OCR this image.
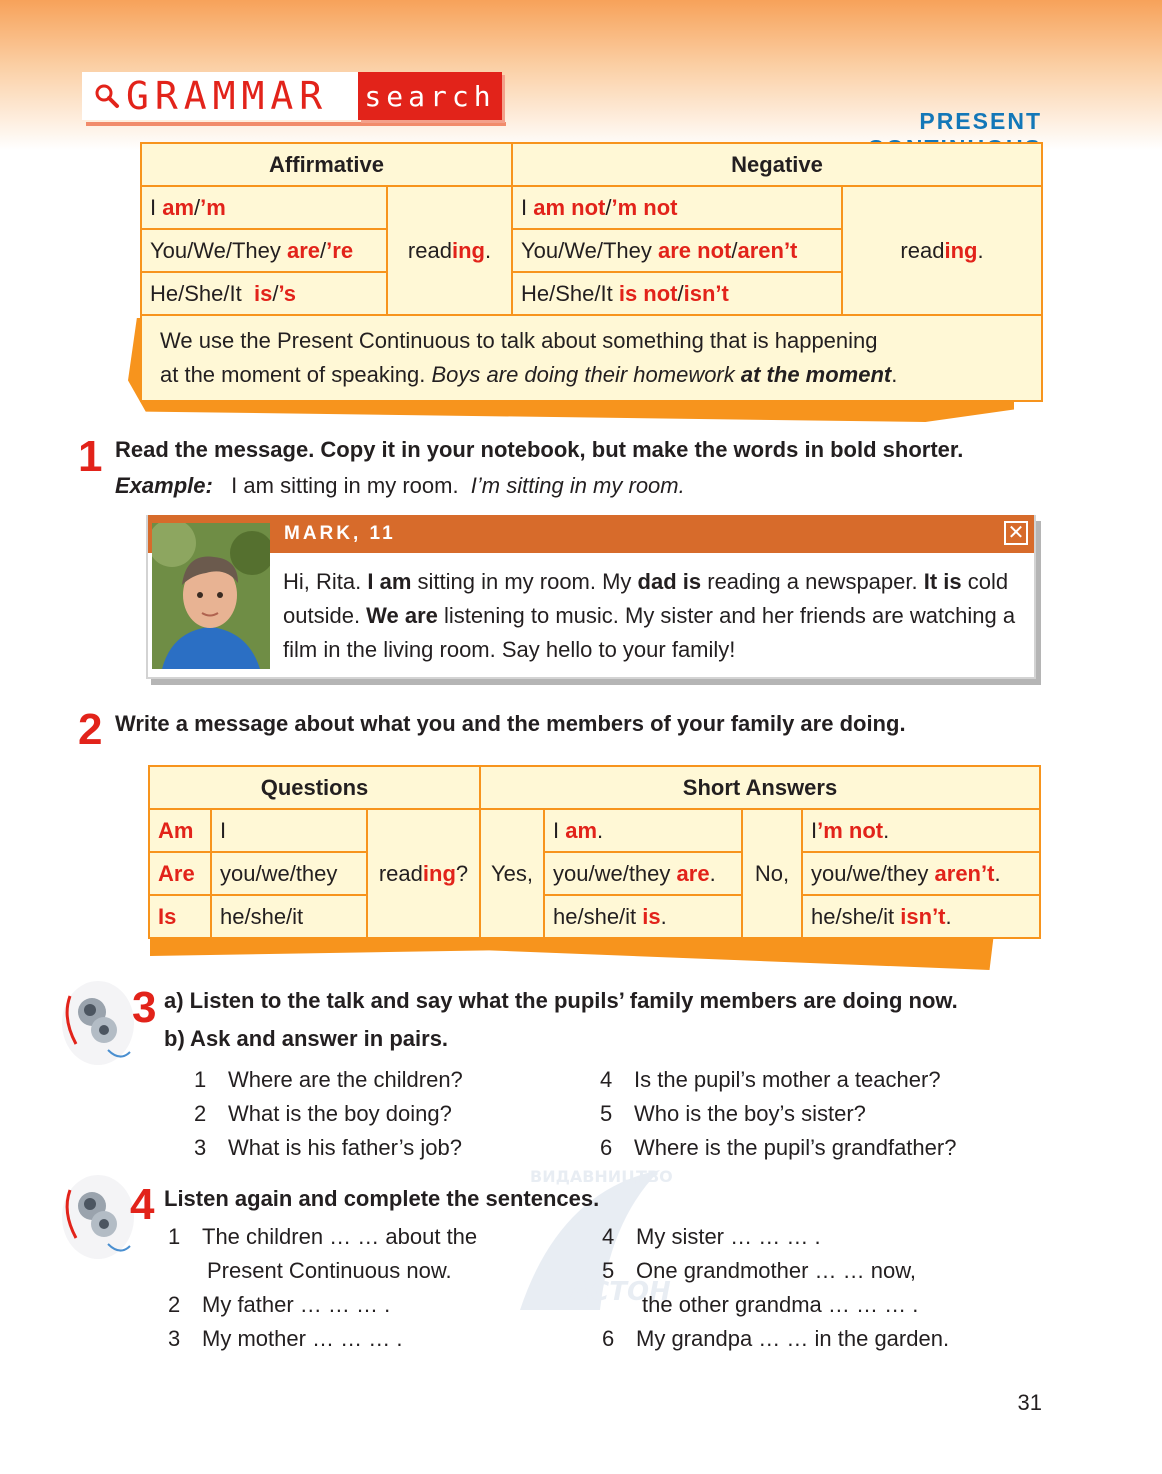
GRAMMAR search
PRESENT
Affirmative		Negative	
I am/’m	reading.	I am not/’m not	reading.
You/We/They are/’re		You/We/They are not/aren’t	
He/She/It  is/’s		He/She/It is not/isn’t	

We use the Present Continuous to talk about something that is happening
at the moment of speaking. Boys are doing their homework at the moment.			
1 Read the message. Copy it in your notebook, but make the words in bold shorter.
Example: I am sitting in my room. I’m sitting in my room.
MARK, 11	✕
Hi, Rita. I am sitting in my room. My dad is reading a newspaper. It is cold outside. We are listening to music. My sister and her friends are watching a film in the living room. Say hello to your family!
2 Write a message about what you and the members of your family are doing.
Questions			Short Answers			
Am	I	reading?	Yes,	I am.	No,	I’m not.
Are	you/we/they			you/we/they are.		you/we/they aren’t.
Is	he/she/it			he/she/it is.		he/she/it isn’t.
3 a) Listen to the talk and say what the pupils’ family members are doing now.
b) Ask and answer in pairs.
1 Where are the children?
2 What is the boy doing?
3 What is his father’s job?
4 Is the pupil’s mother a teacher?
5 Who is the boy’s sister?
6 Where is the pupil’s grandfather?
ВИДАВНИЦТВО
АСТОН
4 Listen again and complete the sentences.
1 The children … … about the
Present Continuous now.
2 My father … … … .
3 My mother … … … .
4 My sister … … … .
5 One grandmother … … now,
the other grandma … … … .
6 My grandpa … … in the garden.
31
